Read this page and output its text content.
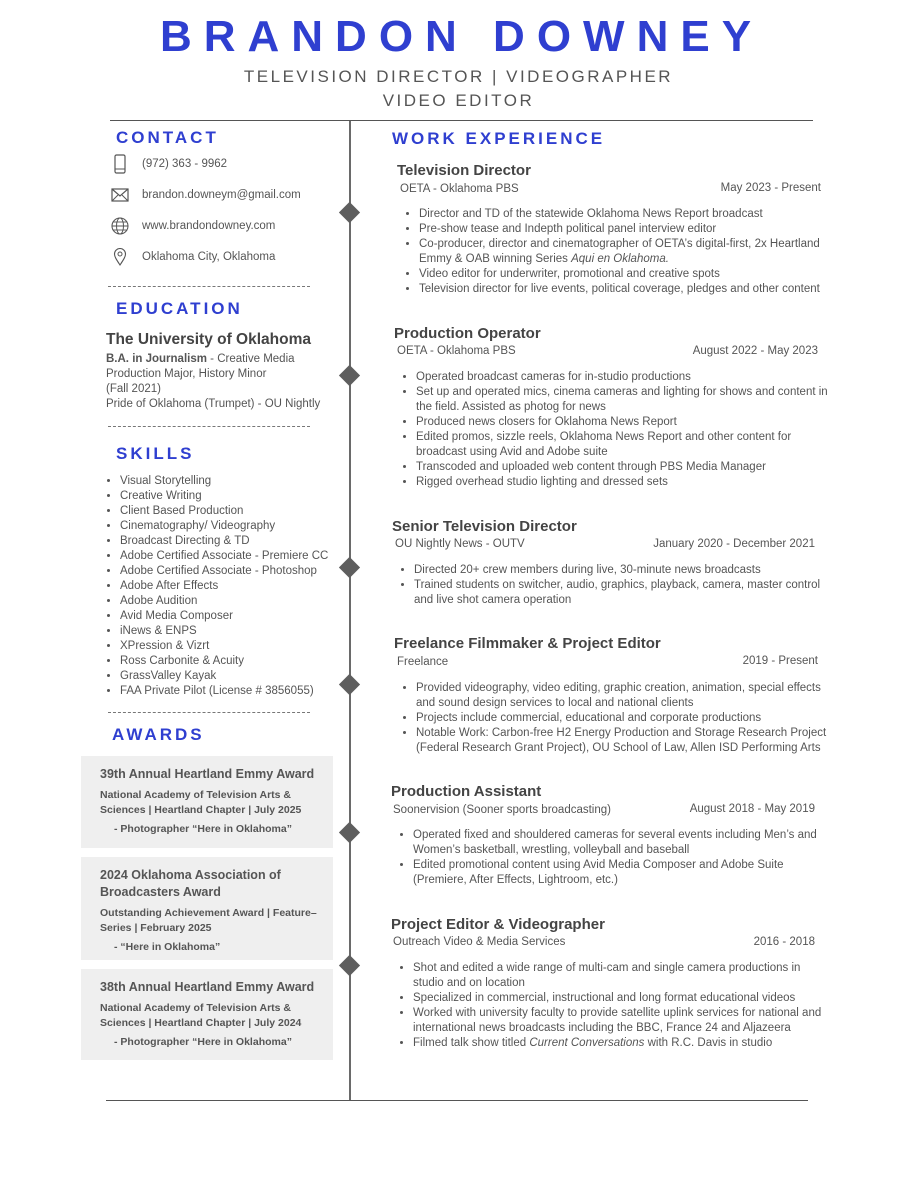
BRANDON DOWNEY
TELEVISION DIRECTOR | VIDEOGRAPHER
VIDEO EDITOR
CONTACT
(972) 363 - 9962
brandon.downeym@gmail.com
www.brandondowney.com
Oklahoma City, Oklahoma
EDUCATION
The University of Oklahoma
B.A. in Journalism - Creative Media
Production Major, History Minor
(Fall 2021)
Pride of Oklahoma (Trumpet) - OU Nightly
SKILLS
• Visual Storytelling
• Creative Writing
• Client Based Production
• Cinematography/ Videography
• Broadcast Directing & TD
• Adobe Certified Associate - Premiere CC
• Adobe Certified Associate - Photoshop
• Adobe After Effects
• Adobe Audition
• Avid Media Composer
• iNews & ENPS
• XPression & Vizrt
• Ross Carbonite & Acuity
• GrassValley Kayak
• FAA Private Pilot (License # 3856055)
AWARDS
39th Annual Heartland Emmy Award
National Academy of Television Arts & Sciences | Heartland Chapter | July 2025
- Photographer “Here in Oklahoma”
2024 Oklahoma Association of Broadcasters Award
Outstanding Achievement Award | Feature– Series | February 2025
- “Here in Oklahoma”
38th Annual Heartland Emmy Award
National Academy of Television Arts & Sciences | Heartland Chapter | July 2024
- Photographer “Here in Oklahoma”
WORK EXPERIENCE
Television Director
OETA - Oklahoma PBS	May 2023 - Present
• Director and TD of the statewide Oklahoma News Report broadcast
• Pre-show tease and Indepth political panel interview editor
• Co-producer, director and cinematographer of OETA’s digital-first, 2x Heartland Emmy & OAB winning Series Aqui en Oklahoma.
• Video editor for underwriter, promotional and creative spots
• Television director for live events, political coverage, pledges and other content
Production Operator
OETA - Oklahoma PBS	August 2022 - May 2023
• Operated broadcast cameras for in-studio productions
• Set up and operated mics, cinema cameras and lighting for shows and content in the field. Assisted as photog for news
• Produced news closers for Oklahoma News Report
• Edited promos, sizzle reels, Oklahoma News Report and other content for broadcast using Avid and Adobe suite
• Transcoded and uploaded web content through PBS Media Manager
• Rigged overhead studio lighting and dressed sets
Senior Television Director
OU Nightly News - OUTV	January 2020 - December 2021
• Directed 20+ crew members during live, 30-minute news broadcasts
• Trained students on switcher, audio, graphics, playback, camera, master control and live shot camera operation
Freelance Filmmaker & Project Editor
Freelance	2019 - Present
• Provided videography, video editing, graphic creation, animation, special effects and sound design services to local and national clients
• Projects include commercial, educational and corporate productions
• Notable Work: Carbon-free H2 Energy Production and Storage Research Project (Federal Research Grant Project), OU School of Law, Allen ISD Performing Arts
Production Assistant
Soonervision (Sooner sports broadcasting)	August 2018 - May 2019
• Operated fixed and shouldered cameras for several events including Men’s and Women’s basketball, wrestling, volleyball and baseball
• Edited promotional content using Avid Media Composer and Adobe Suite (Premiere, After Effects, Lightroom, etc.)
Project Editor & Videographer
Outreach Video & Media Services	2016 - 2018
• Shot and edited a wide range of multi-cam and single camera productions in studio and on location
• Specialized in commercial, instructional and long format educational videos
• Worked with university faculty to provide satellite uplink services for national and international news broadcasts including the BBC, France 24 and Aljazeera
• Filmed talk show titled Current Conversations with R.C. Davis in studio
